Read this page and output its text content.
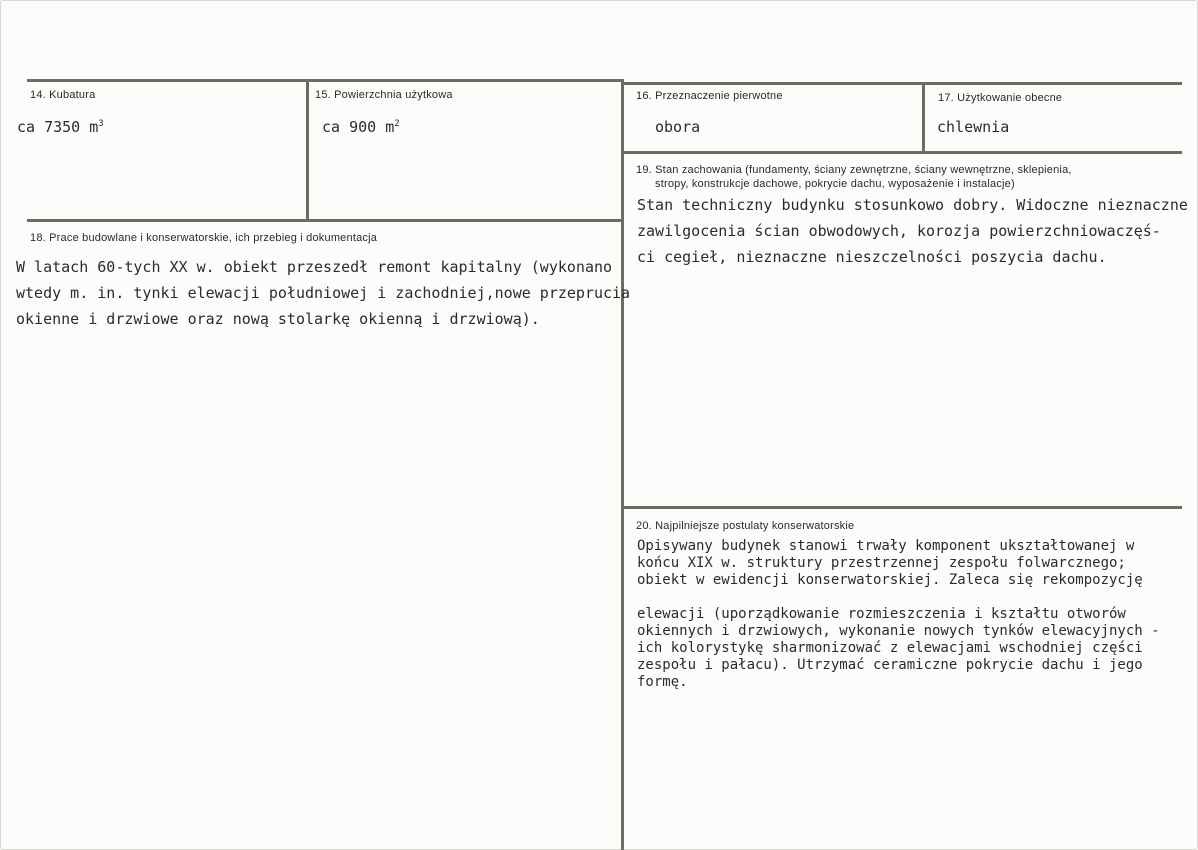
14. Kubatura
ca 7350 $m^3$
15. Powierzchnia użytkowa
ca 900 $m^2$
16. Przeznaczenie pierwotne
obora
17. Użytkowanie obecne
chlewnia
18. Prace budowlane i konserwatorskie, ich przebieg i dokumentacja
W latach 60-tych XX w. obiekt przeszedł remont kapitalny (wykonano
wtedy m. in. tynki elewacji południowej i zachodniej,nowe przeprucia
okienne i drzwiowe oraz nową stolarkę okienną i drzwiową).
19. Stan zachowania (fundamenty, ściany zewnętrzne, ściany wewnętrzne, sklepienia,
stropy, konstrukcje dachowe, pokrycie dachu, wyposażenie i instalacje)
Stan techniczny budynku stosunkowo dobry. Widoczne nieznaczne
zawilgocenia ścian obwodowych, korozja powierzchniowaczęś-
ci cegieł, nieznaczne nieszczelności poszycia dachu.
20. Najpilniejsze postulaty konserwatorskie
Opisywany budynek stanowi trwały komponent ukształtowanej w
końcu XIX w. struktury przestrzennej zespołu folwarcznego;
obiekt w ewidencji konserwatorskiej. Zaleca się rekompozycję
elewacji (uporządkowanie rozmieszczenia i kształtu otworów
okiennych i drzwiowych, wykonanie nowych tynków elewacyjnych -
ich kolorystykę sharmonizować z elewacjami wschodniej części
zespołu i pałacu). Utrzymać ceramiczne pokrycie dachu i jego
formę.
